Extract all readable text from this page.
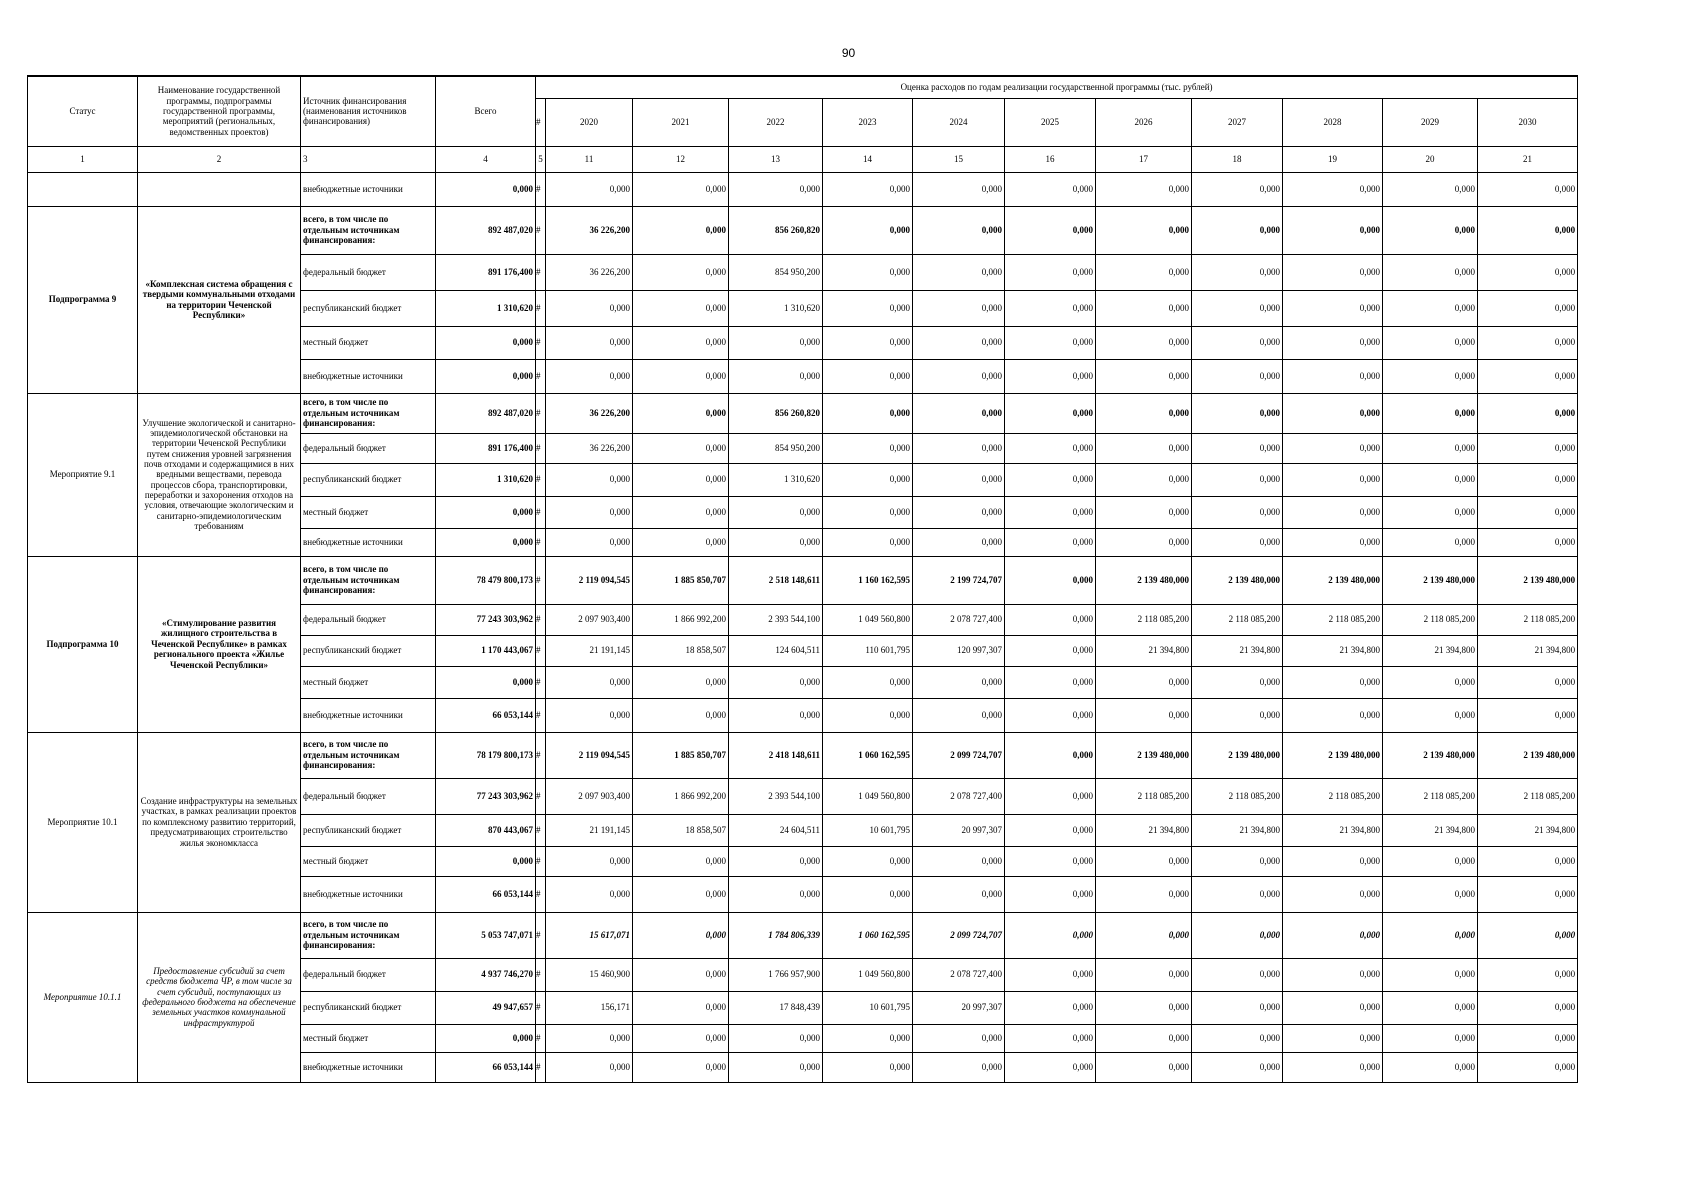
90
Статус	Наименование государственной программы, подпрограммы государственной программы, мероприятий (региональных, ведомственных проектов)	Источник финансирования (наименования источников финансирования)	Всего	Оценка расходов по годам реализации государственной программы (тыс. рублей)											
				#	2020	2021	2022	2023	2024	2025	2026	2027	2028	2029	2030
1	2	3	4	5	11	12	13	14	15	16	17	18	19	20	21
		внебюджетные источники	0,000	#	0,000	0,000	0,000	0,000	0,000	0,000	0,000	0,000	0,000	0,000	0,000
Подпрограмма 9	«Комплексная система обращения с твердыми коммунальными отходами на территории Чеченской Республики»	всего, в том числе по отдельным источникам финансирования:	892 487,020	#	36 226,200	0,000	856 260,820	0,000	0,000	0,000	0,000	0,000	0,000	0,000	0,000
		федеральный бюджет	891 176,400	#	36 226,200	0,000	854 950,200	0,000	0,000	0,000	0,000	0,000	0,000	0,000	0,000
		республиканский бюджет	1 310,620	#	0,000	0,000	1 310,620	0,000	0,000	0,000	0,000	0,000	0,000	0,000	0,000
		местный бюджет	0,000	#	0,000	0,000	0,000	0,000	0,000	0,000	0,000	0,000	0,000	0,000	0,000
		внебюджетные источники	0,000	#	0,000	0,000	0,000	0,000	0,000	0,000	0,000	0,000	0,000	0,000	0,000
Мероприятие 9.1	Улучшение экологической и санитарно-эпидемиологической обстановки на территории Чеченской Республики путем снижения уровней загрязнения почв отходами и содержащимися в них вредными веществами, перевода процессов сбора, транспортировки, переработки и захоронения отходов на условия, отвечающие экологическим и санитарно-эпидемиологическим требованиям	всего, в том числе по отдельным источникам финансирования:	892 487,020	#	36 226,200	0,000	856 260,820	0,000	0,000	0,000	0,000	0,000	0,000	0,000	0,000
		федеральный бюджет	891 176,400	#	36 226,200	0,000	854 950,200	0,000	0,000	0,000	0,000	0,000	0,000	0,000	0,000
		республиканский бюджет	1 310,620	#	0,000	0,000	1 310,620	0,000	0,000	0,000	0,000	0,000	0,000	0,000	0,000
		местный бюджет	0,000	#	0,000	0,000	0,000	0,000	0,000	0,000	0,000	0,000	0,000	0,000	0,000
		внебюджетные источники	0,000	#	0,000	0,000	0,000	0,000	0,000	0,000	0,000	0,000	0,000	0,000	0,000
Подпрограмма 10	«Стимулирование развития жилищного строительства в Чеченской Республике» в рамках регионального проекта «Жилье Чеченской Республики»	всего, в том числе по отдельным источникам финансирования:	78 479 800,173	#	2 119 094,545	1 885 850,707	2 518 148,611	1 160 162,595	2 199 724,707	0,000	2 139 480,000	2 139 480,000	2 139 480,000	2 139 480,000	2 139 480,000
		федеральный бюджет	77 243 303,962	#	2 097 903,400	1 866 992,200	2 393 544,100	1 049 560,800	2 078 727,400	0,000	2 118 085,200	2 118 085,200	2 118 085,200	2 118 085,200	2 118 085,200
		республиканский бюджет	1 170 443,067	#	21 191,145	18 858,507	124 604,511	110 601,795	120 997,307	0,000	21 394,800	21 394,800	21 394,800	21 394,800	21 394,800
		местный бюджет	0,000	#	0,000	0,000	0,000	0,000	0,000	0,000	0,000	0,000	0,000	0,000	0,000
		внебюджетные источники	66 053,144	#	0,000	0,000	0,000	0,000	0,000	0,000	0,000	0,000	0,000	0,000	0,000
Мероприятие 10.1	Создание инфраструктуры на земельных участках, в рамках реализации проектов по комплексному развитию территорий, предусматривающих строительство жилья экономкласса	всего, в том числе по отдельным источникам финансирования:	78 179 800,173	#	2 119 094,545	1 885 850,707	2 418 148,611	1 060 162,595	2 099 724,707	0,000	2 139 480,000	2 139 480,000	2 139 480,000	2 139 480,000	2 139 480,000
		федеральный бюджет	77 243 303,962	#	2 097 903,400	1 866 992,200	2 393 544,100	1 049 560,800	2 078 727,400	0,000	2 118 085,200	2 118 085,200	2 118 085,200	2 118 085,200	2 118 085,200
		республиканский бюджет	870 443,067	#	21 191,145	18 858,507	24 604,511	10 601,795	20 997,307	0,000	21 394,800	21 394,800	21 394,800	21 394,800	21 394,800
		местный бюджет	0,000	#	0,000	0,000	0,000	0,000	0,000	0,000	0,000	0,000	0,000	0,000	0,000
		внебюджетные источники	66 053,144	#	0,000	0,000	0,000	0,000	0,000	0,000	0,000	0,000	0,000	0,000	0,000
Мероприятие 10.1.1	Предоставление субсидий за счет средств бюджета ЧР, в том числе за счет субсидий, поступающих из федерального бюджета на обеспечение земельных участков коммунальной инфраструктурой	всего, в том числе по отдельным источникам финансирования:	5 053 747,071	#	15 617,071	0,000	1 784 806,339	1 060 162,595	2 099 724,707	0,000	0,000	0,000	0,000	0,000	0,000
		федеральный бюджет	4 937 746,270	#	15 460,900	0,000	1 766 957,900	1 049 560,800	2 078 727,400	0,000	0,000	0,000	0,000	0,000	0,000
		республиканский бюджет	49 947,657	#	156,171	0,000	17 848,439	10 601,795	20 997,307	0,000	0,000	0,000	0,000	0,000	0,000
		местный бюджет	0,000	#	0,000	0,000	0,000	0,000	0,000	0,000	0,000	0,000	0,000	0,000	0,000
		внебюджетные источники	66 053,144	#	0,000	0,000	0,000	0,000	0,000	0,000	0,000	0,000	0,000	0,000	0,000
